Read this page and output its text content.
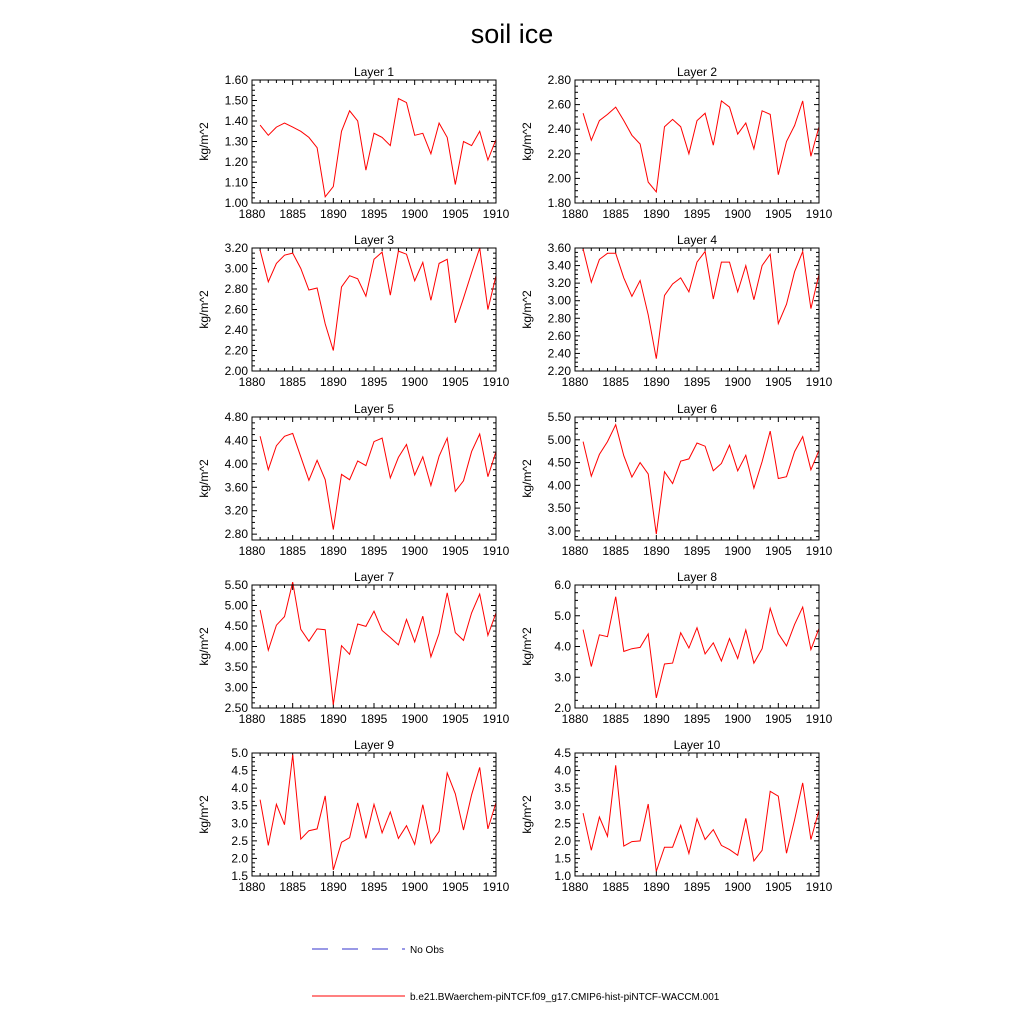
soil ice
Layer 1
kg/m^2
1880 1885 1890 1895 1900 1905 1910
1.00
1.10
1.20
1.30
1.40
1.50
1.60
Layer 2
kg/m^2
1880 1885 1890 1895 1900 1905 1910
1.80
2.00
2.20
2.40
2.60
2.80
Layer 3
kg/m^2
1880 1885 1890 1895 1900 1905 1910
2.00
2.20
2.40
2.60
2.80
3.00
3.20
Layer 4
kg/m^2
1880 1885 1890 1895 1900 1905 1910
2.20
2.40
2.60
2.80
3.00
3.20
3.40
3.60
Layer 5
kg/m^2
1880 1885 1890 1895 1900 1905 1910
2.80
3.20
3.60
4.00
4.40
4.80
Layer 6
kg/m^2
1880 1885 1890 1895 1900 1905 1910
3.00
3.50
4.00
4.50
5.00
5.50
Layer 7
kg/m^2
1880 1885 1890 1895 1900 1905 1910
2.50
3.00
3.50
4.00
4.50
5.00
5.50
Layer 8
kg/m^2
1880 1885 1890 1895 1900 1905 1910
2.0
3.0
4.0
5.0
6.0
Layer 9
kg/m^2
1880 1885 1890 1895 1900 1905 1910
1.5
2.0
2.5
3.0
3.5
4.0
4.5
5.0
Layer 10
kg/m^2
1880 1885 1890 1895 1900 1905 1910
1.0
1.5
2.0
2.5
3.0
3.5
4.0
4.5
No Obs
b.e21.BWaerchem-piNTCF.f09_g17.CMIP6-hist-piNTCF-WACCM.001
